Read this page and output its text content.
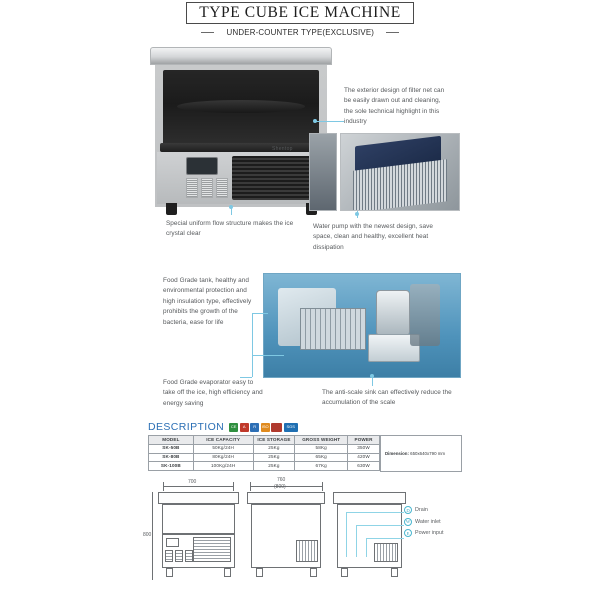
TYPE CUBE ICE MACHINE
UNDER-COUNTER TYPE(EXCLUSIVE)
Shentop
The exterior design of filter net can be easily drawn out and cleaning, the sole technical highlight in this industry
Special uniform flow structure makes the ice crystal clear
Water pump with the newest design, save space, clean and healthy, excellent heat dissipation
Food Grade tank, healthy and environmental protection and high insulation type, effectively prohibits the growth of the bacteria, ease for life
Food Grade evaporator easy to take off the ice, high efficiency and energy saving
The anti-scale sink can effectively reduce the accumulation of the scale
DESCRIPTION	CE	A	R	ISO	SGS
MODEL	ICE CAPACITY	ICE STORAGE	GROSS WEIGHT	POWER
SK-50B	50Kg/24H	25Kg	58Kg	350W
SK-80B	80Kg/24H	25Kg	65Kg	420W
SK-100B	100Kg/24H	25Kg	67Kg	630W
Dimension: 650x640x790 mm
700
800
760
(800)
D Drain
W Water inlet
E	Power input
